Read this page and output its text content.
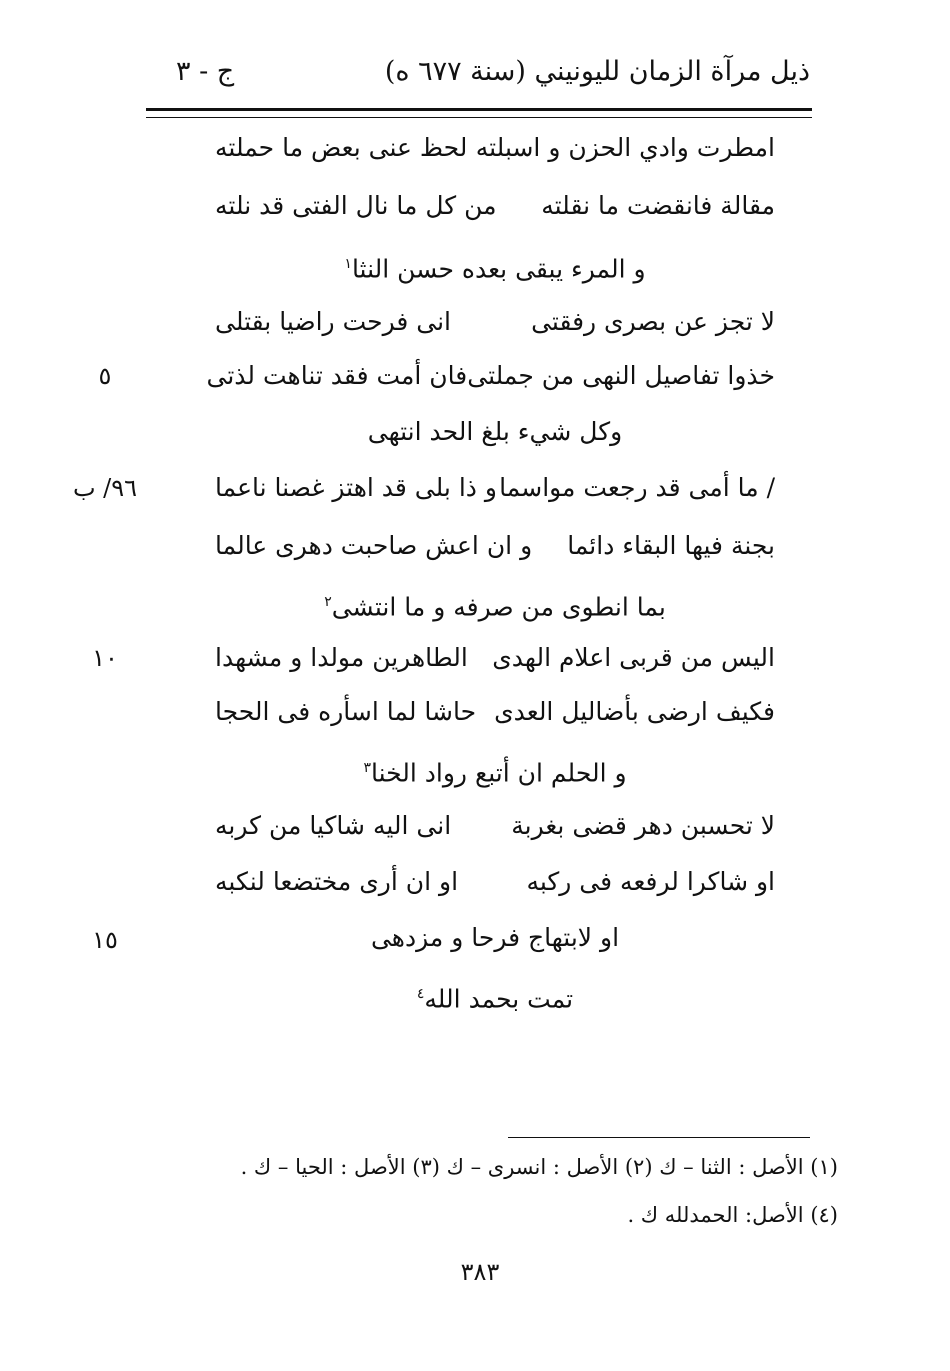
ذيل مرآة الزمان لليونيني (سنة ٦٧٧ ه)
ج - ٣
امطرت وادي الحزن و اسبلته
لحظ عنى بعض ما حملته
مقالة فانقضت ما نقلته
من كل ما نال الفتى قد نلته
و المرء يبقى بعده حسن النثا$^١$
لا تجز عن بصرى رفقتى
انى فرحت راضيا بقتلى
خذوا تفاصيل النهى من جملتى
فان أمت فقد تناهت لذتى
وكل شيء بلغ الحد انتهى
/ ما أمى قد رجعت مواسما
و ذا بلى قد اهتز غصنا ناعما
بجنة فيها البقاء دائما
و ان اعش صاحبت دهرى عالما
بما انطوى من صرفه و ما انتشى$^٢$
اليس من قربى اعلام الهدى
الطاهرين مولدا و مشهدا
فكيف ارضى بأضاليل العدى
حاشا لما اسأره فى الحجا
و الحلم ان أتبع رواد الخنا$^٣$
لا تحسبن دهر قضى بغربة
انى اليه شاكيا من كربه
او شاكرا لرفعه فى ركبه
او ان أرى مختضعا لنكبه
او لابتهاج فرحا و مزدهى
تمت بحمد الله$^٤$
٥
٩٦/ ب
١٠
١٥
(١) الأصل : الثنا – ك (٢) الأصل : انسرى – ك (٣) الأصل : الحيا – ك .
(٤) الأصل: الحمدلله ك .
٣٨٣
